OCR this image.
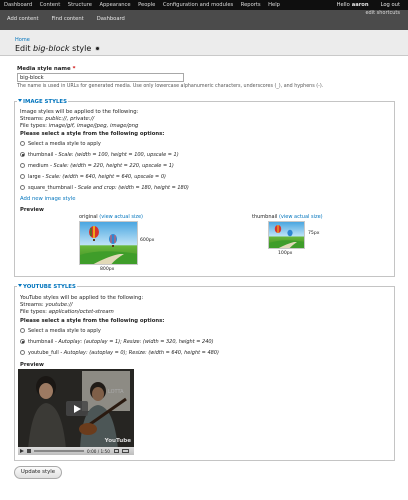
Dashboard Content Structure Appearance People Configuration and modules Reports Help	Hello aaron Log out
Add content	Find content	Dashboard
edit shortcuts
Home
Edit big-block style
Media style name *
big-block
The name is used in URLs for generated media. Use only lowercase alphanumeric characters, underscores (_), and hyphens (-).
IMAGE STYLES
Image styles will be applied to the following:
Streams: public://, private://
File types: image/gif, image/jpeg, image/png
Please select a style from the following options:
Select a media style to apply
thumbnail - Scale: (width = 100, height = 100, upscale = 1)
medium - Scale: (width = 220, height = 220, upscale = 1)
large - Scale: (width = 640, height = 640, upscale = 0)
square_thumbnail - Scale and crop: (width = 180, height = 180)
Add new image style
Preview
original (view actual size)
600px
800px
thumbnail (view actual size)
75px
100px
YOUTUBE STYLES
YouTube styles will be applied to the following:
Streams: youtube://
File types: application/octet-stream
Please select a style from the following options:
Select a media style to apply
thumbnail - Autoplay: (autoplay = 1); Resize: (width = 320, height = 240)
youtube_full - Autoplay: (autoplay = 0); Resize: (width = 640, height = 480)
Preview
LOTTA
YouTube
0:00 / 1:50
Update style
